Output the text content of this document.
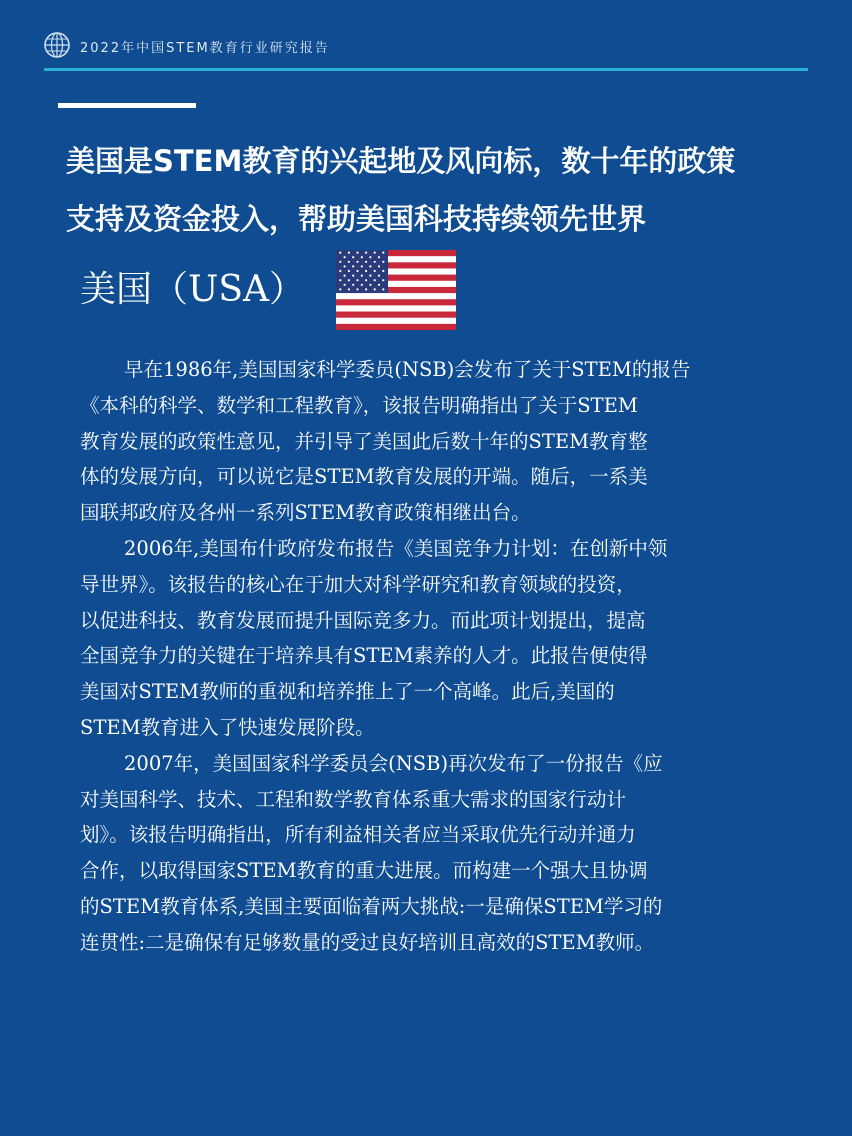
2022年中国STEM教育行业研究报告
美国是STEM教育的兴起地及风向标，数十年的政策
支持及资金投入，帮助美国科技持续领先世界
美国（USA）
早在1986年,美国国家科学委员(NSB)会发布了关于STEM的报告
《本科的科学、数学和工程教育》，该报告明确指出了关于STEM
教育发展的政策性意见，并引导了美国此后数十年的STEM教育整
体的发展方向，可以说它是STEM教育发展的开端。随后，一系美
国联邦政府及各州一系列STEM教育政策相继出台。
2006年,美国布什政府发布报告《美国竞争力计划：在创新中领
导世界》。该报告的核心在于加大对科学研究和教育领域的投资，
以促进科技、教育发展而提升国际竞多力。而此项计划提出，提高
全国竞争力的关键在于培养具有STEM素养的人才。此报告便使得
美国对STEM教师的重视和培养推上了一个高峰。此后,美国的
STEM教育进入了快速发展阶段。
2007年，美国国家科学委员会(NSB)再次发布了一份报告《应
对美国科学、技术、工程和数学教育体系重大需求的国家行动计
划》。该报告明确指出，所有利益相关者应当采取优先行动并通力
合作，以取得国家STEM教育的重大进展。而构建一个强大且协调
的STEM教育体系,美国主要面临着两大挑战:一是确保STEM学习的
连贯性:二是确保有足够数量的受过良好培训且高效的STEM教师。
